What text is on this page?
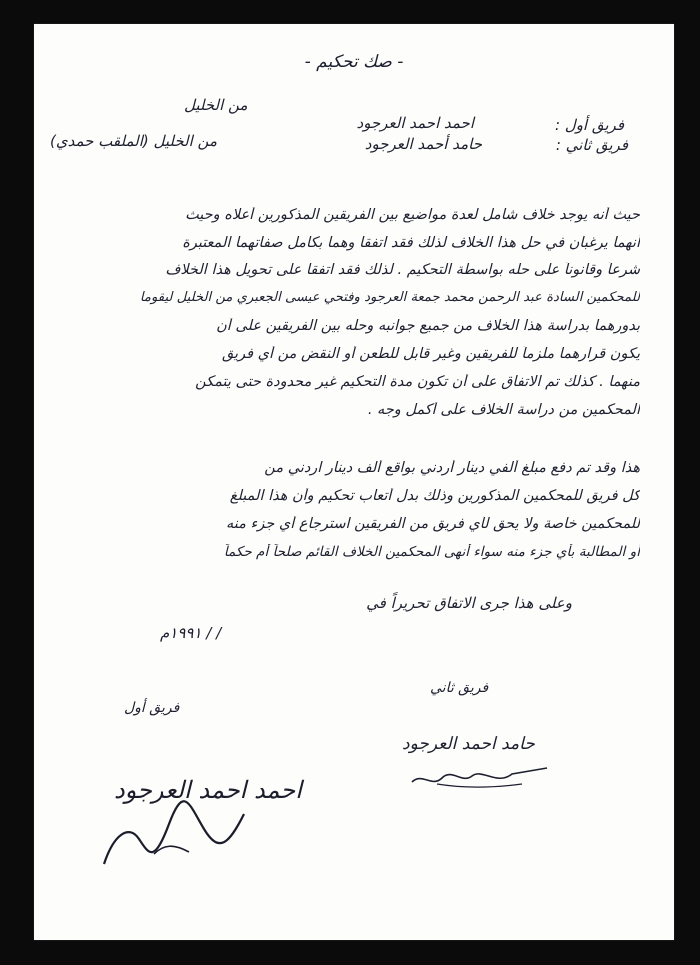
- صك تحكيم -
فريق أول :
احمد احمد العرجود
من الخليل
فريق ثاني :
حامد أحمد العرجود
من الخليل (الملقب حمدي)
حيث أنه يوجد خلاف شامل لعدة مواضيع بين الفريقين المذكورين أعلاه وحيث
أنهما يرغبان في حل هذا الخلاف لذلك فقد اتفقا وهما بكامل صفاتهما المعتبرة
شرعاً وقانوناً على حله بواسطة التحكيم . لذلك فقد اتفقا على تحويل هذا الخلاف
للمحكمين السادة عبد الرحمن محمد جمعة العرجود وفتحي عيسى الجعبري من الخليل ليقوما
بدورهما بدراسة هذا الخلاف من جميع جوانبه وحله بين الفريقين على أن
يكون قرارهما ملزماً للفريقين وغير قابل للطعن أو النقض من أي فريق
منهما . كذلك تم الاتفاق على أن تكون مدة التحكيم غير محدودة حتى يتمكن
المحكمين من دراسة الخلاف على أكمل وجه .
هذا وقد تم دفع مبلغ ألفي دينار أردني بواقع ألف دينار اردني من
كل فريق للمحكمين المذكورين وذلك بدل أتعاب تحكيم وأن هذا المبلغ
للمحكمين خاصة ولا يحق لأي فريق من الفريقين استرجاع أي جزء منه
أو المطالبة بأي جزء منه سواء أنهى المحكمين الخلاف القائم صلحاً أم حكماً
وعلى هذا جرى الاتفاق تحريراً في
/ / ١٩٩١م
فريق ثاني
فريق أول
حامد احمد العرجود
احمد احمد العرجود
